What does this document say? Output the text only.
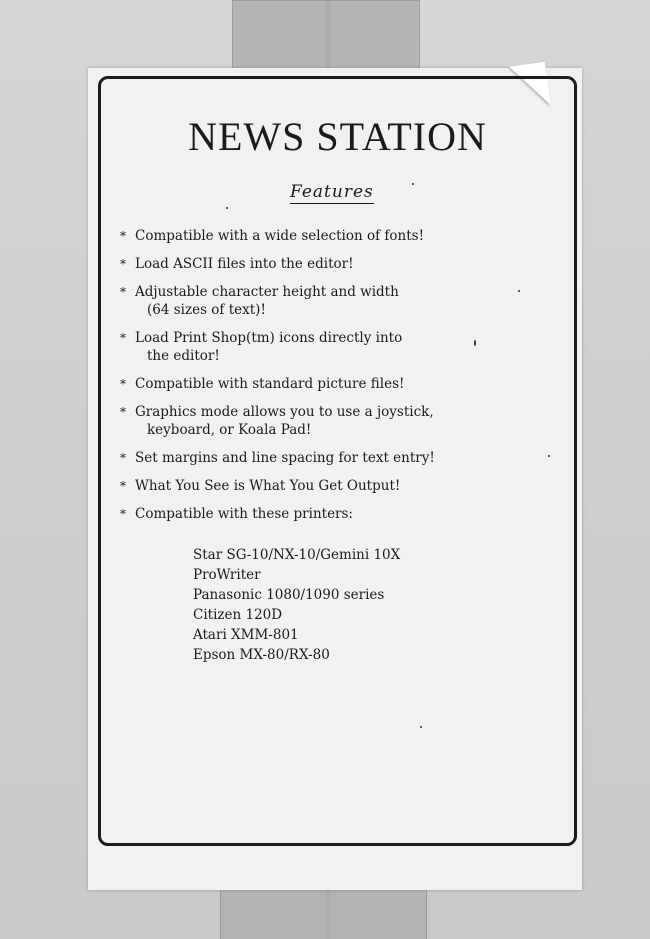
NEWS STATION
Features
* Compatible with a wide selection of fonts!
* Load ASCII files into the editor!
* Adjustable character height and width
(64 sizes of text)!
* Load Print Shop(tm) icons directly into
the editor!
* Compatible with standard picture files!
* Graphics mode allows you to use a joystick,
keyboard, or Koala Pad!
* Set margins and line spacing for text entry!
* What You See is What You Get Output!
* Compatible with these printers:
Star SG-10/NX-10/Gemini 10X
ProWriter
Panasonic 1080/1090 series
Citizen 120D
Atari XMM-801
Epson MX-80/RX-80
